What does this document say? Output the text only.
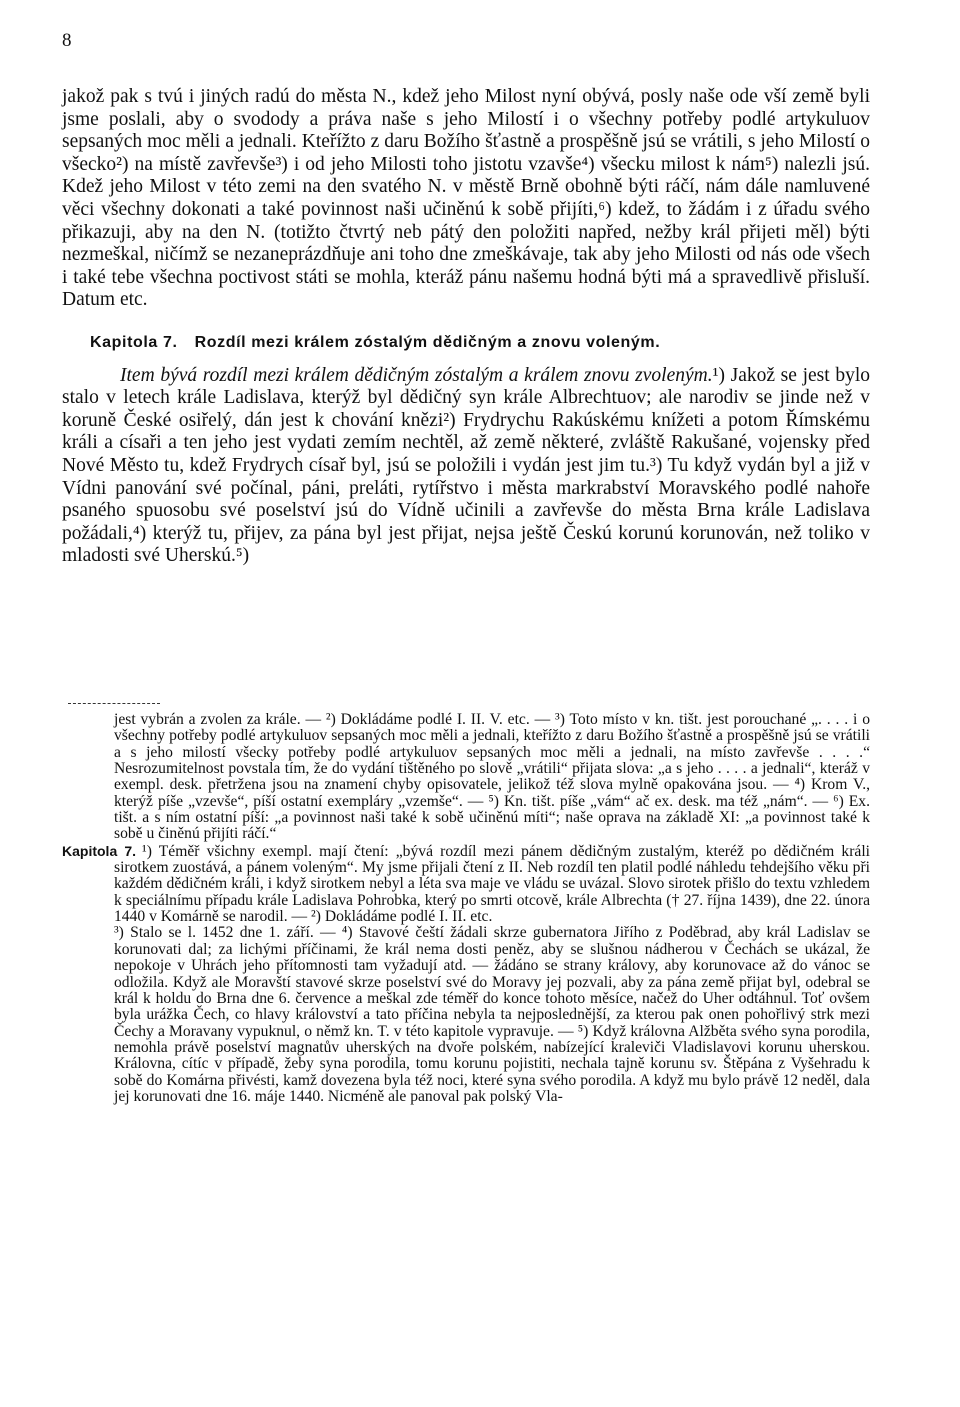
8

jakož pak s tvú i jiných radú do města N., kdež jeho Milost nyní obývá, posly naše ode vší země byli jsme poslali, aby o svodody a práva naše s jeho Milostí i o všechny potřeby podlé artykuluov sepsaných moc měli a jednali. Kteřížto z daru Božího šťastně a prospěšně jsú se vrátili, s jeho Milostí o všecko²) na místě zavřevše³) i od jeho Milosti toho jistotu vzavše⁴) všecku milost k nám⁵) nalezli jsú. Kdež jeho Milost v této zemi na den svatého N. v městě Brně obohně býti ráčí, nám dále namluvené věci všechny dokonati a také povinnost naši učiněnú k sobě přijíti,⁶) kdež, to žádám i z úřadu svého přikazuji, aby na den N. (totižto čtvrtý neb pátý den položiti napřed, nežby král přijeti měl) býti nezmeškal, ničímž se nezaneprázdňuje ani toho dne zmeškávaje, tak aby jeho Milosti od nás ode všech i také tebe všechna poctivost státi se mohla, kteráž pánu našemu hodná býti má a spravedlivě přisluší. Datum etc.

Kapitola 7. Rozdíl mezi králem zóstalým dědičným a znovu voleným.

Item bývá rozdíl mezi králem dědičným zóstalým a králem znovu zvoleným.¹) Jakož se jest bylo stalo v letech krále Ladislava, kterýž byl dědičný syn krále Albrechtuov; ale narodiv se jinde než v koruně České osiřelý, dán jest k chování knězi²) Frydrychu Rakúskému knížeti a potom Římskému králi a císaři a ten jeho jest vydati zemím nechtěl, až země některé, zvláště Rakušané, vojensky před Nové Město tu, kdež Frydrych císař byl, jsú se položili i vydán jest jim tu.³) Tu když vydán byl a již v Vídni panování své počínal, páni, preláti, rytířstvo i města markrabství Moravského podlé nahoře psaného spuosobu své poselství jsú do Vídně učinili a zavřevše do města Brna krále Ladislava požádali,⁴) kterýž tu, přijev, za pána byl jest přijat, nejsa ještě Českú korunú korunován, než toliko v mladosti své Uherskú.⁵)

jest vybrán a zvolen za krále. — ²) Dokládáme podlé I. II. V. etc. — ³) Toto místo v kn. tišt. jest porouchané „. . . . i o všechny potřeby podlé artykuluov sepsaných moc měli a jednali, kteřížto z daru Božího šťastně a prospěšně jsú se vrátili a s jeho milostí všecky potřeby podlé artykuluov sepsaných moc měli a jednali, na místo zavřevše . . . .“ Nesrozumitelnost povstala tím, že do vydání tištěného po slově „vrátili“ přijata slova: „a s jeho . . . . a jednali“, kteráž v exempl. desk. přetržena jsou na znamení chyby opisovatele, jelikož též slova mylně opakována jsou. — ⁴) Krom V., kterýž píše „vzevše“, píší ostatní exempláry „vzemše“. — ⁵) Kn. tišt. píše „vám“ ač ex. desk. ma též „nám“. — ⁶) Ex. tišt. a s ním ostatní píší: „a povinnost naši také k sobě učiněnú míti“; naše oprava na základě XI: „a povinnost také k sobě u činěnú přijíti ráčí.“

Kapitola 7. ¹) Téměř všichny exempl. mají čtení: „bývá rozdíl mezi pánem dědičným zustalým, kteréž po dědičném králi sirotkem zuostává, a pánem voleným“. My jsme přijali čtení z II. Neb rozdíl ten platil podlé náhledu tehdejšího věku při každém dědičném králi, i když sirotkem nebyl a léta sva maje ve vládu se uvázal. Slovo sirotek přišlo do textu vzhledem k speciálnímu případu krále Ladislava Pohrobka, který po smrti otcově, krále Albrechta († 27. října 1439), dne 22. února 1440 v Komárně se narodil. — ²) Dokládáme podlé I. II. etc.

³) Stalo se l. 1452 dne 1. září. — ⁴) Stavové čeští žádali skrze gubernatora Jiřího z Poděbrad, aby král Ladislav se korunovati dal; za lichými příčinami, že král nema dosti peněz, aby se slušnou nádherou v Čechách se ukázal, že nepokoje v Uhrách jeho přítomnosti tam vyžadují atd. — žádáno se strany královy, aby korunovace až do vánoc se odložila. Když ale Moravští stavové skrze poselství své do Moravy jej pozvali, aby za pána země přijat byl, odebral se král k holdu do Brna dne 6. července a meškal zde téměř do konce tohoto měsíce, načež do Uher odtáhnul. Toť ovšem byla urážka Čech, co hlavy království a tato příčina nebyla ta nejposlednější, za kterou pak onen pohořlivý strk mezi Čechy a Moravany vypuknul, o němž kn. T. v této kapitole vypravuje. — ⁵) Když královna Alžběta svého syna porodila, nemohla právě poselství magnatův uherských na dvoře polském, nabízející kraleviči Vladislavovi korunu uherskou. Královna, cítíc v případě, žeby syna porodila, tomu korunu pojistiti, nechala tajně korunu sv. Štěpána z Vyšehradu k sobě do Komárna přivésti, kamž dovezena byla též noci, které syna svého porodila. A když mu bylo právě 12 neděl, dala jej korunovati dne 16. máje 1440. Nicméně ale panoval pak polský Vla-
